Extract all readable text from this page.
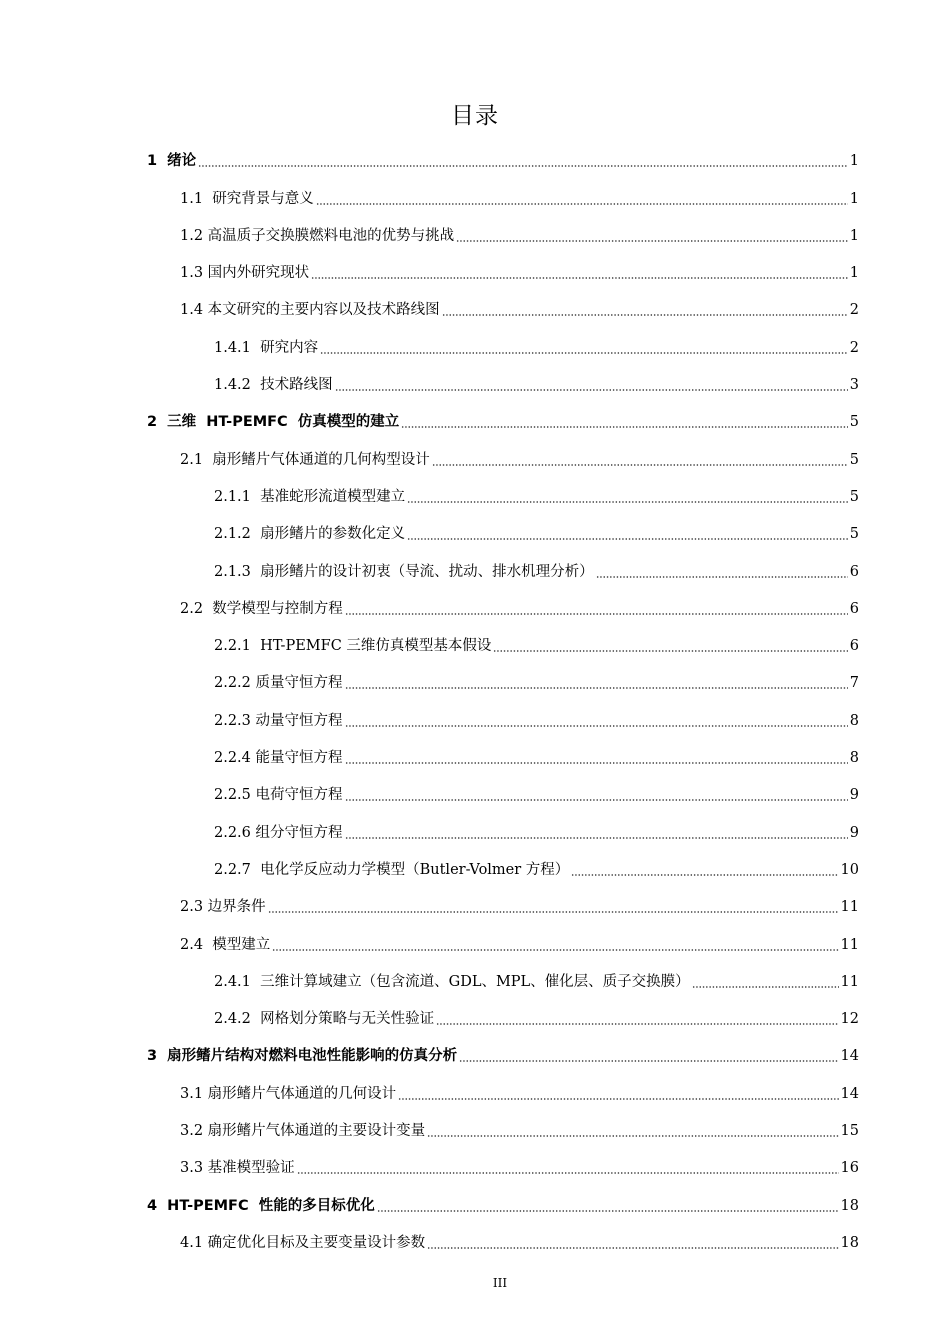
目录
1  绪论	1
1.1  研究背景与意义	1
1.2 高温质子交换膜燃料电池的优势与挑战	1
1.3 国内外研究现状	1
1.4 本文研究的主要内容以及技术路线图	2
1.4.1  研究内容	2
1.4.2  技术路线图	3
2  三维  HT-PEMFC  仿真模型的建立	5
2.1  扇形鳍片气体通道的几何构型设计	5
2.1.1  基准蛇形流道模型建立	5
2.1.2  扇形鳍片的参数化定义	5
2.1.3  扇形鳍片的设计初衷（导流、扰动、排水机理分析）	6
2.2  数学模型与控制方程	6
2.2.1  HT-PEMFC 三维仿真模型基本假设	6
2.2.2 质量守恒方程	7
2.2.3 动量守恒方程	8
2.2.4 能量守恒方程	8
2.2.5 电荷守恒方程	9
2.2.6 组分守恒方程	9
2.2.7  电化学反应动力学模型（Butler-Volmer 方程）	10
2.3 边界条件	11
2.4  模型建立	11
2.4.1  三维计算域建立（包含流道、GDL、MPL、催化层、质子交换膜）	11
2.4.2  网格划分策略与无关性验证	12
3  扇形鳍片结构对燃料电池性能影响的仿真分析	14
3.1 扇形鳍片气体通道的几何设计	14
3.2 扇形鳍片气体通道的主要设计变量	15
3.3 基准模型验证	16
4  HT-PEMFC  性能的多目标优化	18
4.1 确定优化目标及主要变量设计参数	18
III
